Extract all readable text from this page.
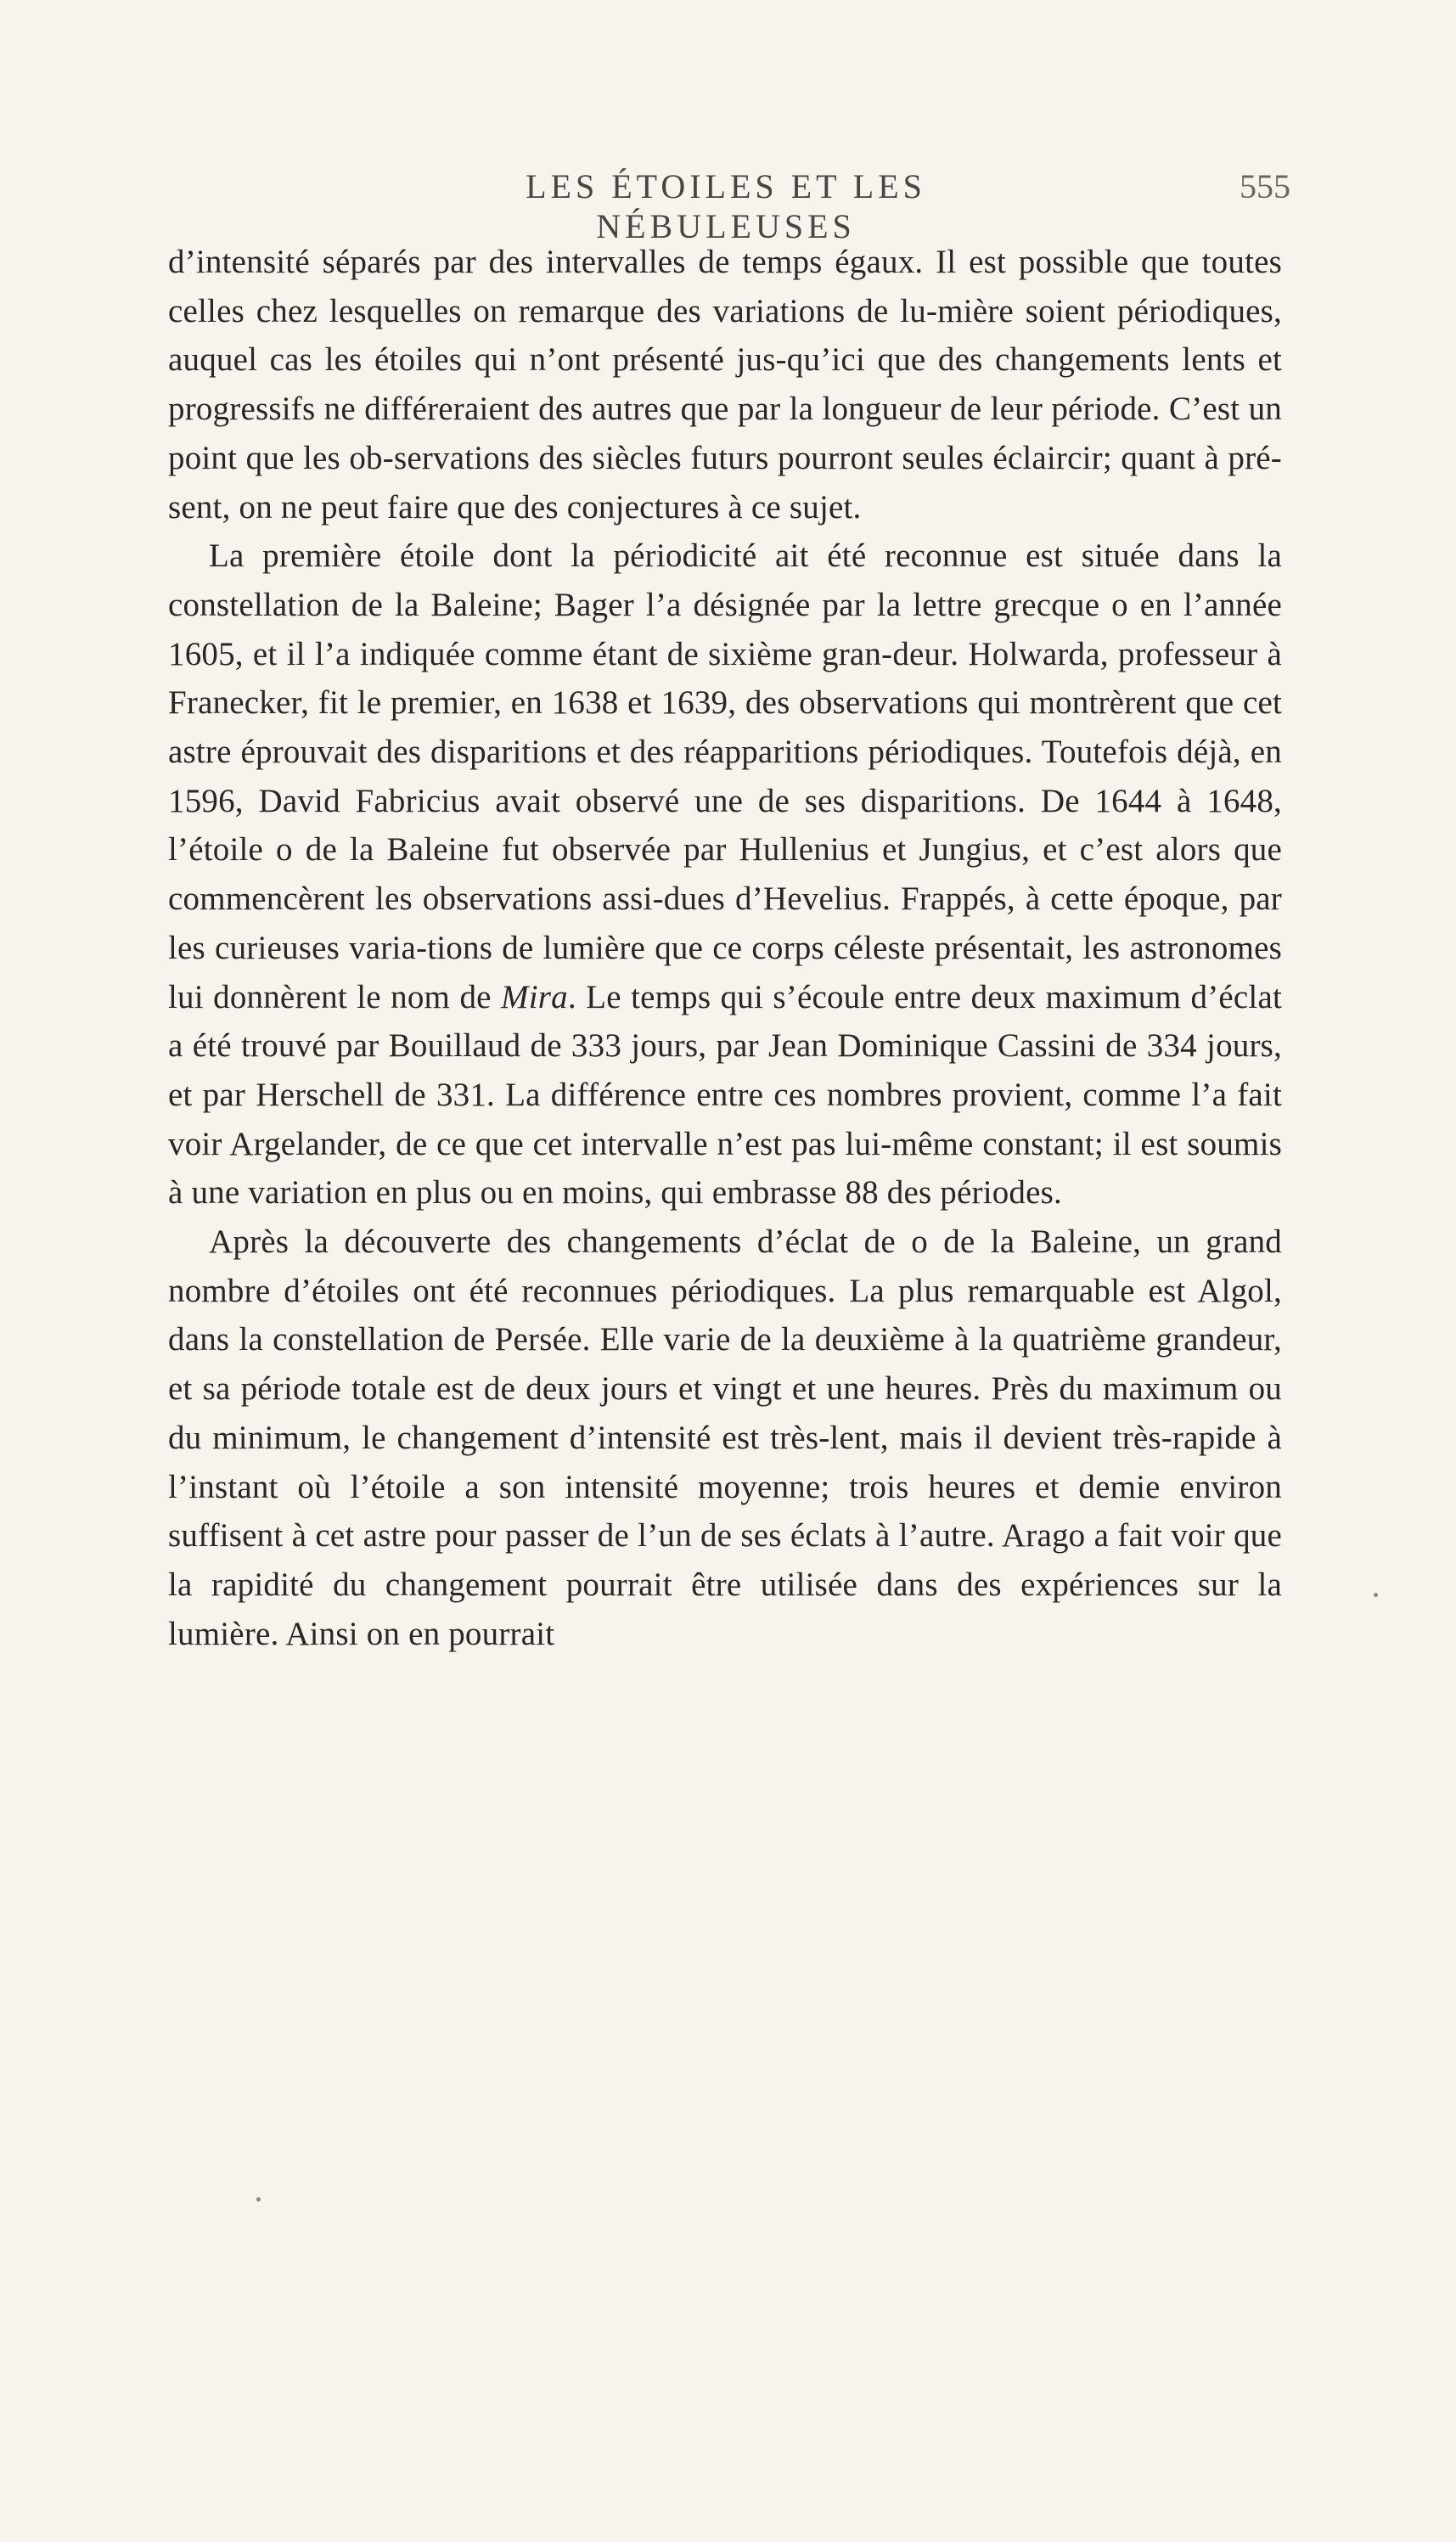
LES ÉTOILES ET LES NÉBULEUSES
555

d’intensité séparés par des intervalles de temps égaux. Il est possible que toutes celles chez lesquelles on remarque des variations de lu-mière soient périodiques, auquel cas les étoiles qui n’ont présenté jus-qu’ici que des changements lents et progressifs ne différeraient des autres que par la longueur de leur période. C’est un point que les ob-servations des siècles futurs pourront seules éclaircir; quant à pré-sent, on ne peut faire que des conjectures à ce sujet.

La première étoile dont la périodicité ait été reconnue est située dans la constellation de la Baleine; Bager l’a désignée par la lettre grecque ο en l’année 1605, et il l’a indiquée comme étant de sixième gran-deur. Holwarda, professeur à Franecker, fit le premier, en 1638 et 1639, des observations qui montrèrent que cet astre éprouvait des disparitions et des réapparitions périodiques. Toutefois déjà, en 1596, David Fabricius avait observé une de ses disparitions. De 1644 à 1648, l’étoile ο de la Baleine fut observée par Hullenius et Jungius, et c’est alors que commencèrent les observations assi-dues d’Hevelius. Frappés, à cette époque, par les curieuses varia-tions de lumière que ce corps céleste présentait, les astronomes lui donnèrent le nom de Mira. Le temps qui s’écoule entre deux maximum d’éclat a été trouvé par Bouillaud de 333 jours, par Jean Dominique Cassini de 334 jours, et par Herschell de 331. La différence entre ces nombres provient, comme l’a fait voir Argelander, de ce que cet intervalle n’est pas lui-même constant; il est soumis à une variation en plus ou en moins, qui embrasse 88 des périodes.

Après la découverte des changements d’éclat de ο de la Baleine, un grand nombre d’étoiles ont été reconnues périodiques. La plus remarquable est Algol, dans la constellation de Persée. Elle varie de la deuxième à la quatrième grandeur, et sa période totale est de deux jours et vingt et une heures. Près du maximum ou du minimum, le changement d’intensité est très-lent, mais il devient très-rapide à l’instant où l’étoile a son intensité moyenne; trois heures et demie environ suffisent à cet astre pour passer de l’un de ses éclats à l’autre. Arago a fait voir que la rapidité du changement pourrait être utilisée dans des expériences sur la lumière. Ainsi on en pourrait
